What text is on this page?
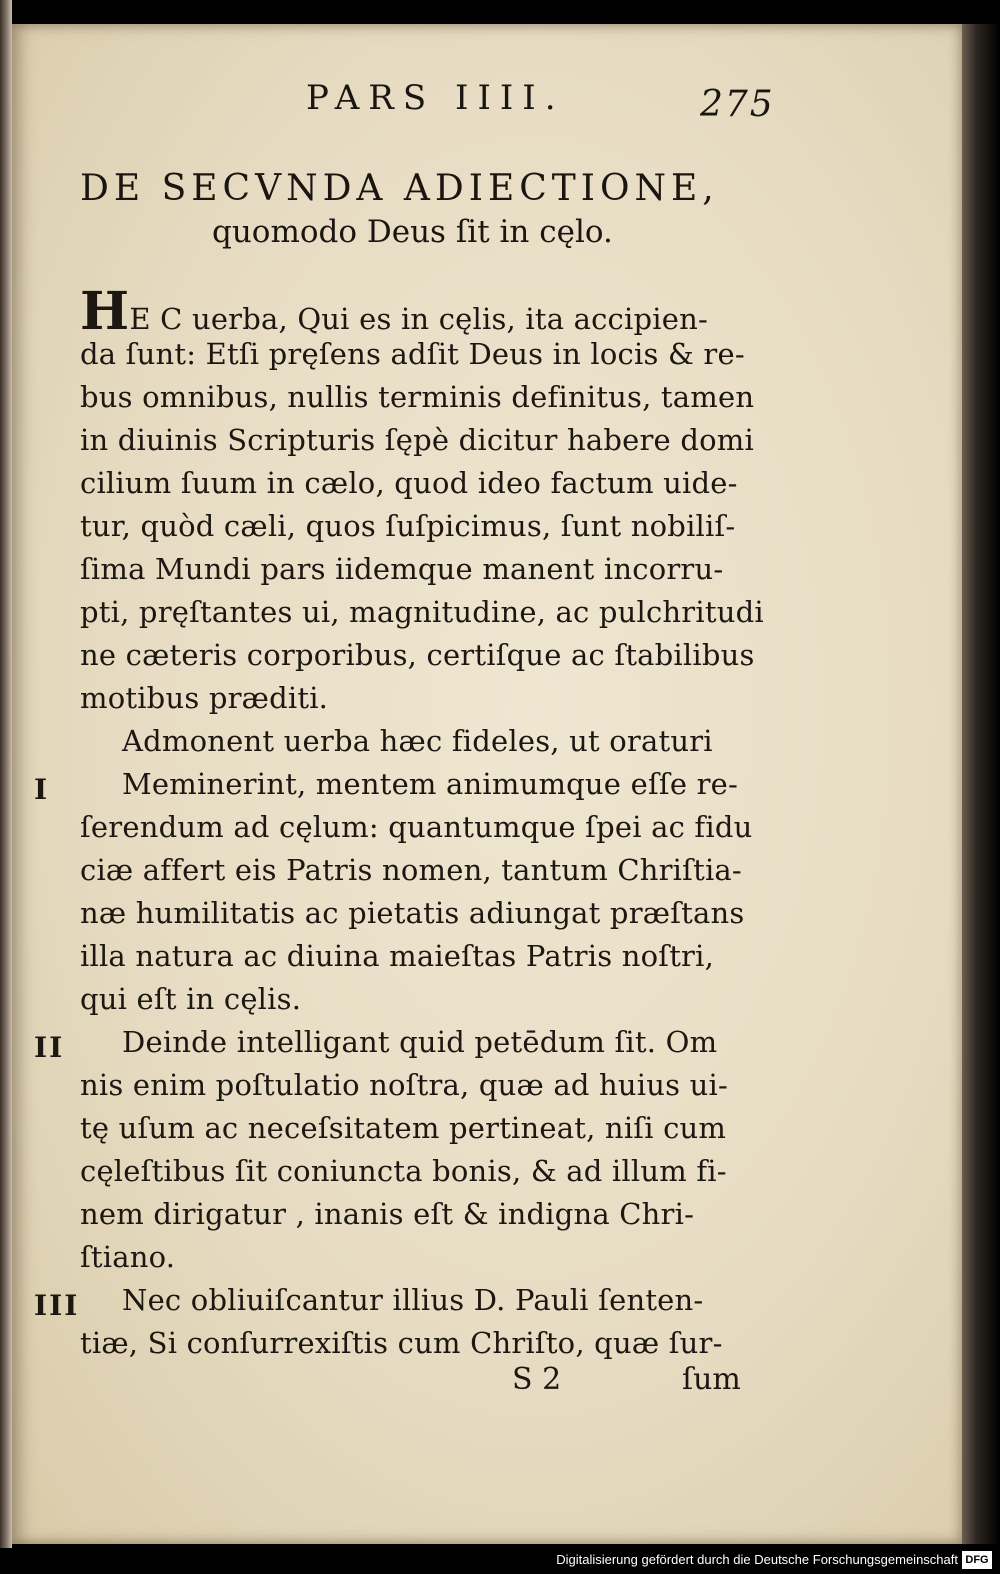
PARS IIII.	275
DE SECVNDA ADIECTIONE,
quomodo Deus ſit in cęlo.
HE C uerba, Qui es in cęlis, ita accipien-
da ſunt: Etſi pręſens adſit Deus in locis & re-
bus omnibus, nullis terminis definitus, tamen
in diuinis Scripturis ſępè dicitur habere domi
cilium ſuum in cælo, quod ideo factum uide-
tur, quòd cæli, quos ſuſpicimus, ſunt nobiliſ-
ſima Mundi pars iidemque manent incorru-
pti, pręſtantes ui, magnitudine, ac pulchritudi
ne cæteris corporibus, certiſque ac ſtabilibus
motibus præditi.
Admonent uerba hæc fideles, ut oraturi
Meminerint, mentem animumque eſſe re-
ſerendum ad cęlum: quantumque ſpei ac fidu
ciæ affert eis Patris nomen, tantum Chriſtia-
næ humilitatis ac pietatis adiungat præſtans
illa natura ac diuina maieſtas Patris noſtri,
qui eſt in cęlis.
Deinde intelligant quid petēdum ſit. Om
nis enim poſtulatio noſtra, quæ ad huius ui-
tę uſum ac neceſsitatem pertineat, niſi cum
cęleſtibus ſit coniuncta bonis, & ad illum fi-
nem dirigatur , inanis eſt & indigna Chri-
ſtiano.
Nec obliuiſcantur illius D. Pauli ſenten-
tiæ, Si conſurrexiſtis cum Chriſto, quæ ſur-
I
II
III
S 2	ſum
Digitalisierung gefördert durch die Deutsche Forschungsgemeinschaft DFG
